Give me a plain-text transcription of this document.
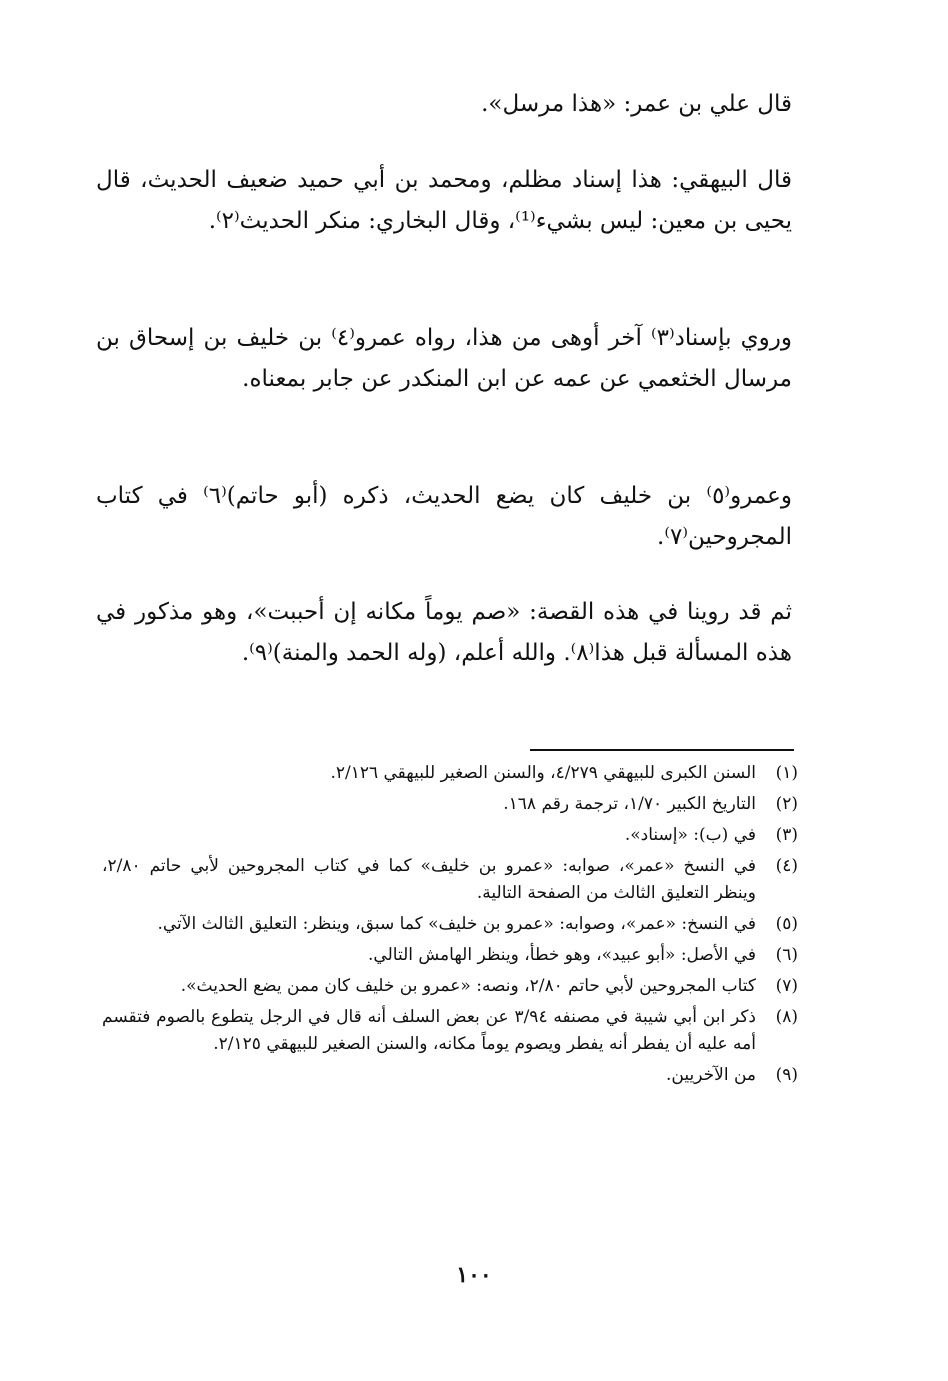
قال علي بن عمر: «هذا مرسل».

قال البيهقي: هذا إسناد مظلم، ومحمد بن أبي حميد ضعيف الحديث، قال يحيى بن معين: ليس بشيء⁽¹⁾، وقال البخاري: منكر الحديث⁽٢⁾.

وروي بإسناد⁽٣⁾ آخر أوهى من هذا، رواه عمرو⁽٤⁾ بن خليف بن إسحاق بن مرسال الخثعمي عن عمه عن ابن المنكدر عن جابر بمعناه.

وعمرو⁽٥⁾ بن خليف كان يضع الحديث، ذكره (أبو حاتم)⁽٦⁾ في كتاب المجروحين⁽٧⁾.

ثم قد روينا في هذه القصة: «صم يوماً مكانه إن أحببت»، وهو مذكور في هذه المسألة قبل هذا⁽٨⁾. والله أعلم، (وله الحمد والمنة)⁽٩⁾.

(١)
السنن الكبرى للبيهقي ٤/٢٧٩، والسنن الصغير للبيهقي ٢/١٢٦.
(٢)
التاريخ الكبير ١/٧٠، ترجمة رقم ١٦٨.
(٣)
في (ب): «إسناد».
(٤)
في النسخ «عمر»، صوابه: «عمرو بن خليف» كما في كتاب المجروحين لأبي حاتم ٢/٨٠، وينظر التعليق الثالث من الصفحة التالية.
(٥)
في النسخ: «عمر»، وصوابه: «عمرو بن خليف» كما سبق، وينظر: التعليق الثالث الآتي.
(٦)
في الأصل: «أبو عبيد»، وهو خطأ، وينظر الهامش التالي.
(٧)
كتاب المجروحين لأبي حاتم ٢/٨٠، ونصه: «عمرو بن خليف كان ممن يضع الحديث».
(٨)
ذكر ابن أبي شيبة في مصنفه ٣/٩٤ عن بعض السلف أنه قال في الرجل يتطوع بالصوم فتقسم أمه عليه أن يفطر أنه يفطر ويصوم يوماً مكانه، والسنن الصغير للبيهقي ٢/١٢٥.
(٩)
من الآخريين.
١٠٠
